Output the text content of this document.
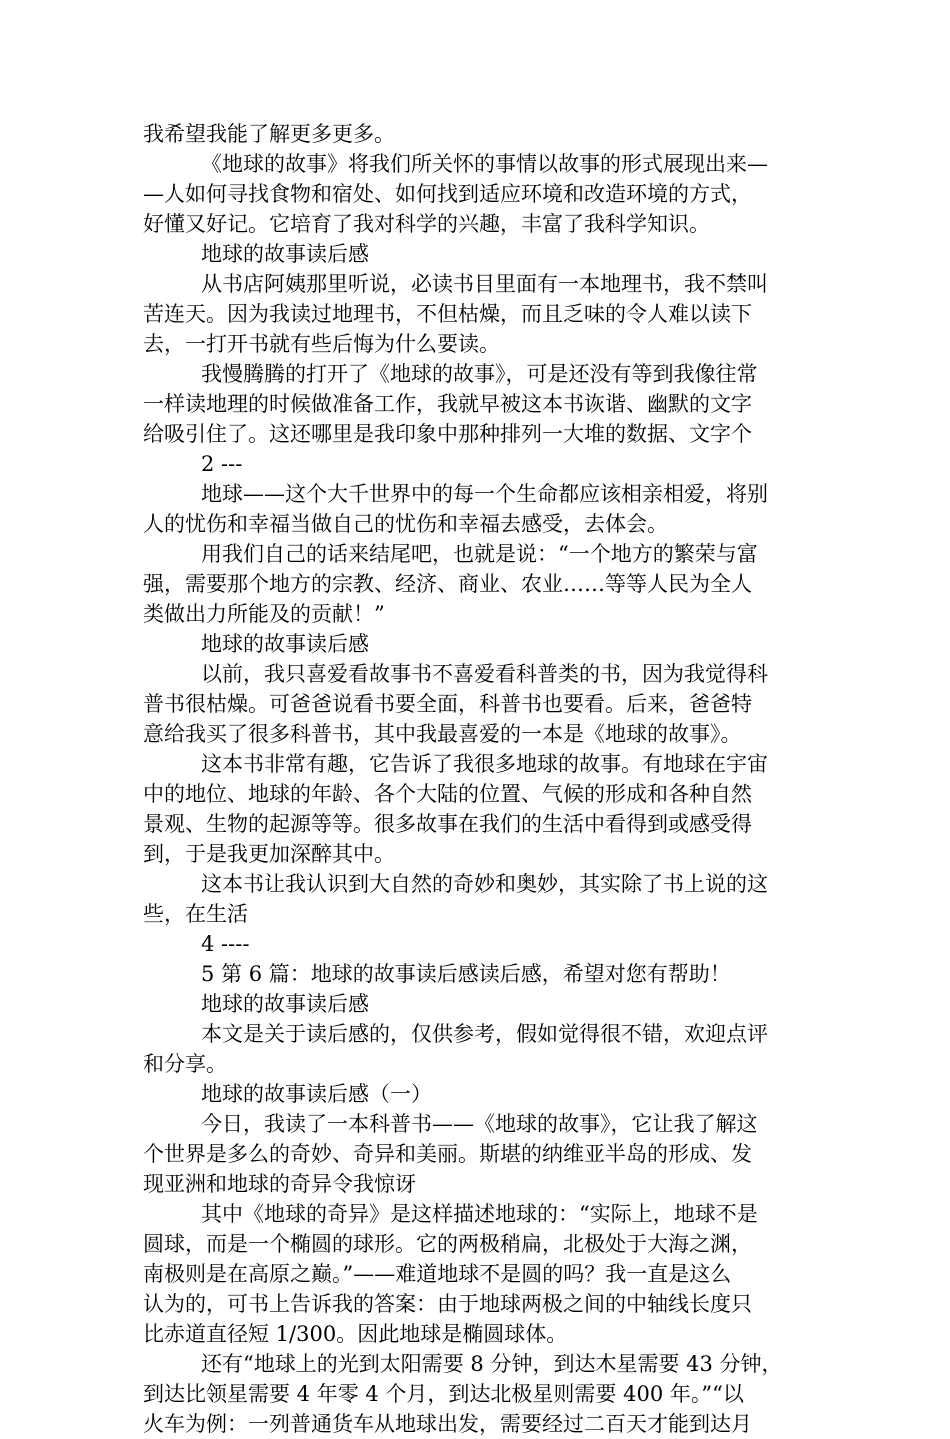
我希望我能了解更多更多。
《地球的故事》将我们所关怀的事情以故事的形式展现出来—
—人如何寻找食物和宿处、如何找到适应环境和改造环境的方式，
好懂又好记。它培育了我对科学的兴趣，丰富了我科学知识。
地球的故事读后感
从书店阿姨那里听说，必读书目里面有一本地理书，我不禁叫
苦连天。因为我读过地理书，不但枯燥，而且乏味的令人难以读下
去，一打开书就有些后悔为什么要读。
我慢腾腾的打开了《地球的故事》，可是还没有等到我像往常
一样读地理的时候做准备工作，我就早被这本书诙谐、幽默的文字
给吸引住了。这还哪里是我印象中那种排列一大堆的数据、文字个
2 ---
地球——这个大千世界中的每一个生命都应该相亲相爱，将别
人的忧伤和幸福当做自己的忧伤和幸福去感受，去体会。
用我们自己的话来结尾吧，也就是说：“一个地方的繁荣与富
强，需要那个地方的宗教、经济、商业、农业……等等人民为全人
类做出力所能及的贡献！”
地球的故事读后感
以前，我只喜爱看故事书不喜爱看科普类的书，因为我觉得科
普书很枯燥。可爸爸说看书要全面，科普书也要看。后来，爸爸特
意给我买了很多科普书，其中我最喜爱的一本是《地球的故事》。
这本书非常有趣，它告诉了我很多地球的故事。有地球在宇宙
中的地位、地球的年龄、各个大陆的位置、气候的形成和各种自然
景观、生物的起源等等。很多故事在我们的生活中看得到或感受得
到，于是我更加深醉其中。
这本书让我认识到大自然的奇妙和奥妙，其实除了书上说的这
些，在生活
4 ----
5 第 6 篇：地球的故事读后感读后感，希望对您有帮助！
地球的故事读后感
本文是关于读后感的，仅供参考，假如觉得很不错，欢迎点评
和分享。
地球的故事读后感（一）
今日，我读了一本科普书——《地球的故事》，它让我了解这
个世界是多么的奇妙、奇异和美丽。斯堪的纳维亚半岛的形成、发
现亚洲和地球的奇异令我惊讶
其中《地球的奇异》是这样描述地球的：“实际上，地球不是
圆球，而是一个椭圆的球形。它的两极稍扁，北极处于大海之渊，
南极则是在高原之巅。”——难道地球不是圆的吗？我一直是这么
认为的，可书上告诉我的答案：由于地球两极之间的中轴线长度只
比赤道直径短 1/300。因此地球是椭圆球体。
还有“地球上的光到太阳需要 8 分钟，到达木星需要 43 分钟，
到达比领星需要 4 年零 4 个月，到达北极星则需要 400 年。”“以
火车为例：一列普通货车从地球出发，需要经过二百天才能到达月
